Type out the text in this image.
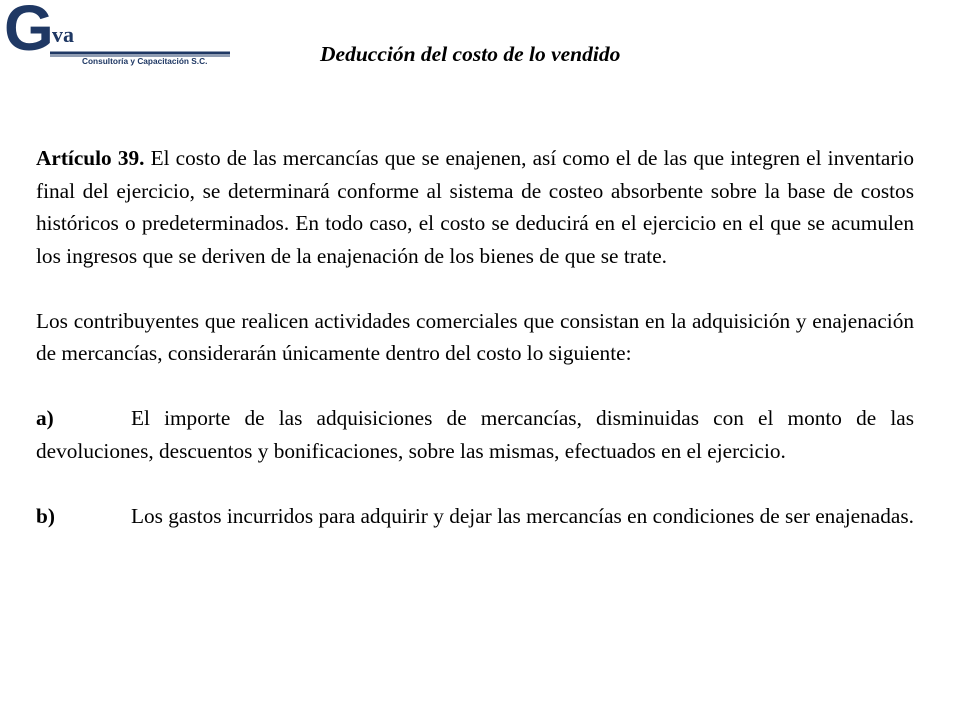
G
va
Consultoría y Capacitación S.C.	Deducción del costo de lo vendido

Artículo 39. El costo de las mercancías que se enajenen, así como el de las que integren el inventario final del ejercicio, se determinará conforme al sistema de costeo absorbente sobre la base de costos históricos o predeterminados. En todo caso, el costo se deducirá en el ejercicio en el que se acumulen los ingresos que se deriven de la enajenación de los bienes de que se trate.

Los contribuyentes que realicen actividades comerciales que consistan en la adquisición y enajenación de mercancías, considerarán únicamente dentro del costo lo siguiente:

a)	El importe de las adquisiciones de mercancías, disminuidas con el monto de las devoluciones, descuentos y bonificaciones, sobre las mismas, efectuados en el ejercicio.

b)	Los gastos incurridos para adquirir y dejar las mercancías en condiciones de ser enajenadas.
